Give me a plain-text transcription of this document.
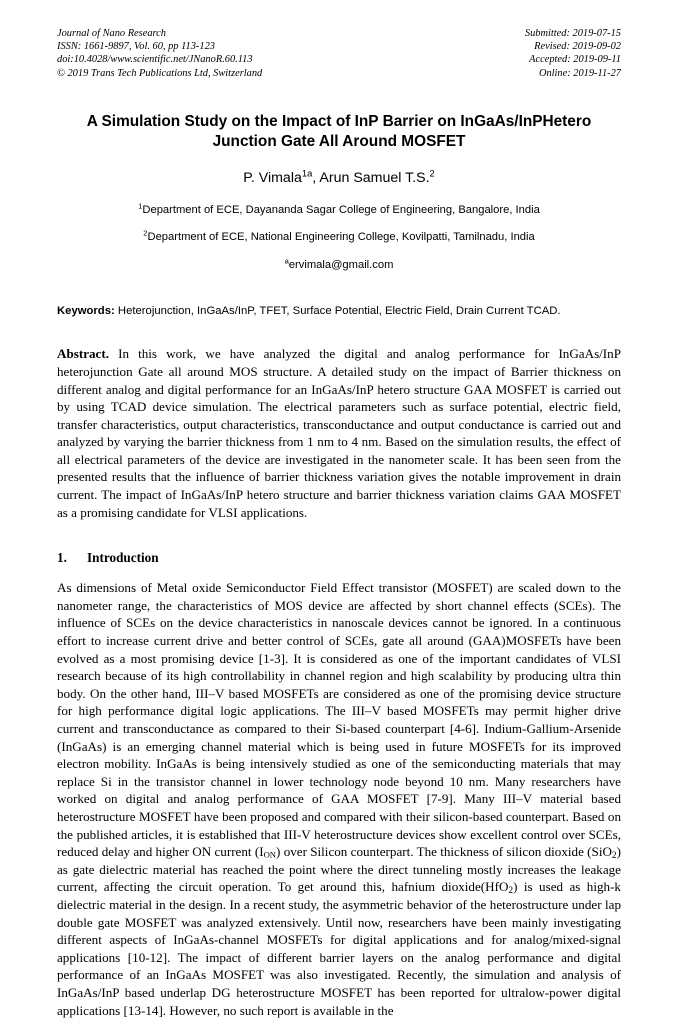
Journal of Nano Research
ISSN: 1661-9897, Vol. 60, pp 113-123
doi:10.4028/www.scientific.net/JNanoR.60.113
© 2019 Trans Tech Publications Ltd, Switzerland
Submitted: 2019-07-15
Revised: 2019-09-02
Accepted: 2019-09-11
Online: 2019-11-27
A Simulation Study on the Impact of InP Barrier on InGaAs/InPHetero Junction Gate All Around MOSFET
P. Vimala$^{1a}$, Arun Samuel T.S.$^2$
$^1$Department of ECE, Dayananda Sagar College of Engineering, Bangalore, India
$^2$Department of ECE, National Engineering College, Kovilpatti, Tamilnadu, India
$^a$ervimala@gmail.com
Keywords: Heterojunction, InGaAs/InP, TFET, Surface Potential, Electric Field, Drain Current TCAD.
Abstract. In this work, we have analyzed the digital and analog performance for InGaAs/InP heterojunction Gate all around MOS structure. A detailed study on the impact of Barrier thickness on different analog and digital performance for an InGaAs/InP hetero structure GAA MOSFET is carried out by using TCAD device simulation. The electrical parameters such as surface potential, electric field, transfer characteristics, output characteristics, transconductance and output conductance is carried out and analyzed by varying the barrier thickness from 1 nm to 4 nm. Based on the simulation results, the effect of all electrical parameters of the device are investigated in the nanometer scale. It has been seen from the presented results that the influence of barrier thickness variation gives the notable improvement in drain current. The impact of InGaAs/InP hetero structure and barrier thickness variation claims GAA MOSFET as a promising candidate for VLSI applications.
1.	Introduction
As dimensions of Metal oxide Semiconductor Field Effect transistor (MOSFET) are scaled down to the nanometer range, the characteristics of MOS device are affected by short channel effects (SCEs). The influence of SCEs on the device characteristics in nanoscale devices cannot be ignored. In a continuous effort to increase current drive and better control of SCEs, gate all around (GAA)MOSFETs have been evolved as a most promising device [1-3]. It is considered as one of the important candidates of VLSI research because of its high controllability in channel region and high scalability by producing ultra thin body. On the other hand, III–V based MOSFETs are considered as one of the promising device structure for high performance digital logic applications. The III–V based MOSFETs may permit higher drive current and transconductance as compared to their Si-based counterpart [4-6]. Indium-Gallium-Arsenide (InGaAs) is an emerging channel material which is being used in future MOSFETs for its improved electron mobility. InGaAs is being intensively studied as one of the semiconducting materials that may replace Si in the transistor channel in lower technology node beyond 10 nm. Many researchers have worked on digital and analog performance of GAA MOSFET [7-9]. Many III–V material based heterostructure MOSFET have been proposed and compared with their silicon-based counterpart. Based on the published articles, it is established that III-V heterostructure devices show excellent control over SCEs, reduced delay and higher ON current (ION) over Silicon counterpart. The thickness of silicon dioxide (SiO$_2$) as gate dielectric material has reached the point where the direct tunneling mostly increases the leakage current, affecting the circuit operation. To get around this, hafnium dioxide(HfO$_2$) is used as high-k dielectric material in the design. In a recent study, the asymmetric behavior of the heterostructure under lap double gate MOSFET was analyzed extensively. Until now, researchers have been mainly investigating different aspects of InGaAs-channel MOSFETs for digital applications and for analog/mixed-signal applications [10-12]. The impact of different barrier layers on the analog performance and digital performance of an InGaAs MOSFET was also investigated. Recently, the simulation and analysis of InGaAs/InP based underlap DG heterostructure MOSFET has been reported for ultralow-power digital applications [13-14]. However, no such report is available in the
